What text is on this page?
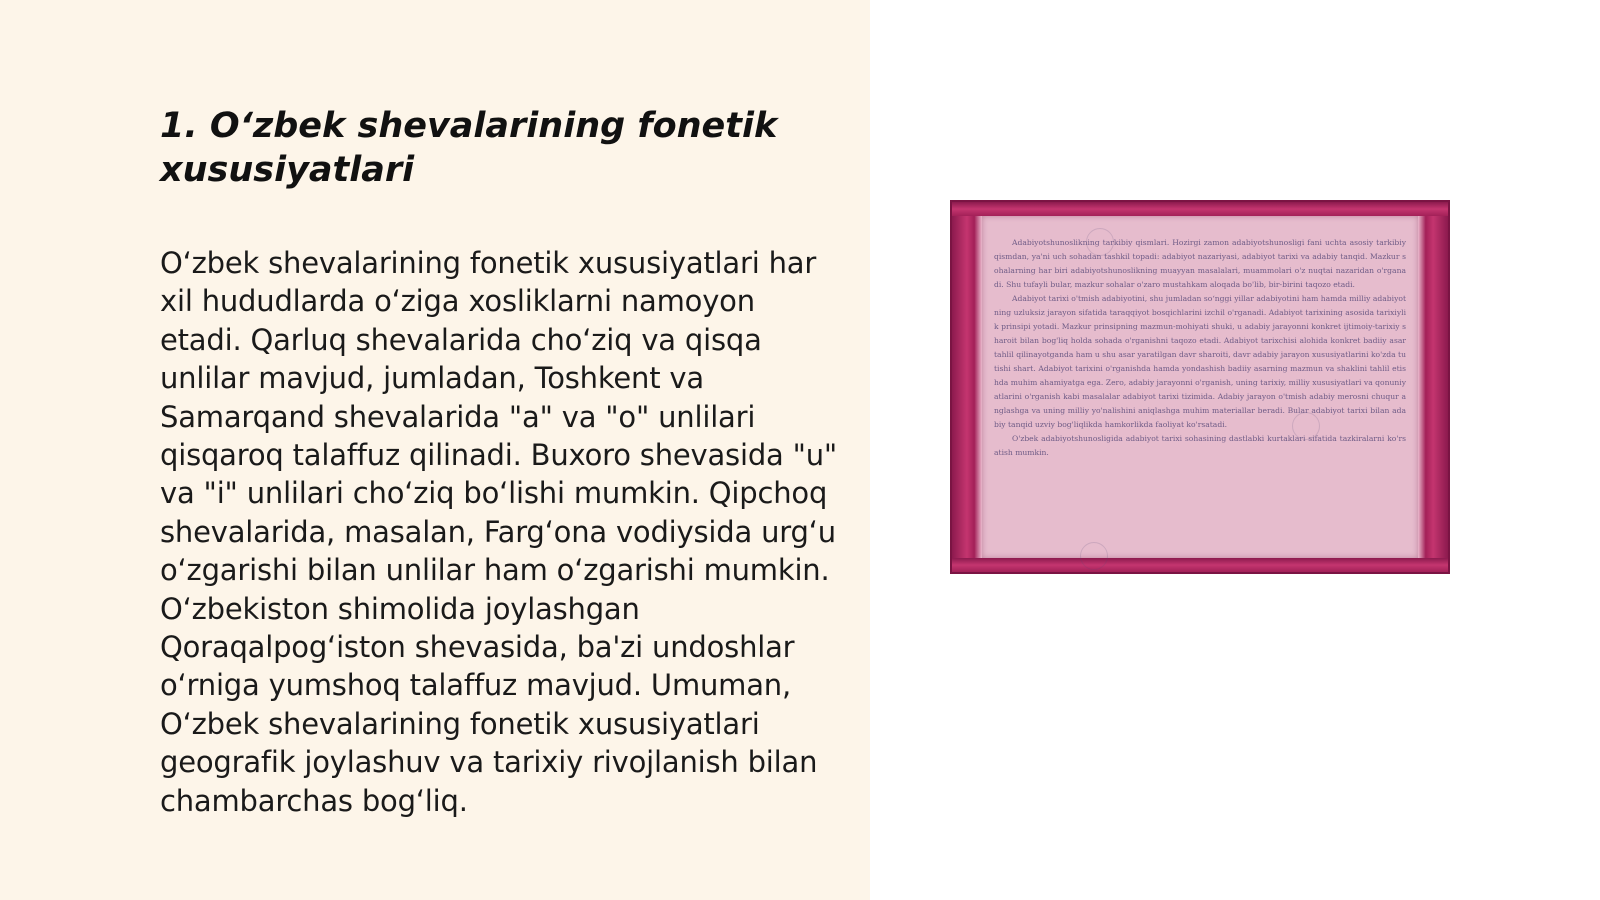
1. O‘zbek shevalarining fonetik xususiyatlari

O‘zbek shevalarining fonetik xususiyatlari har xil hududlarda o‘ziga xosliklarni namoyon etadi. Qarluq shevalarida cho‘ziq va qisqa unlilar mavjud, jumladan, Toshkent va Samarqand shevalarida "a" va "o" unlilari qisqaroq talaffuz qilinadi. Buxoro shevasida "u" va "i" unlilari cho‘ziq bo‘lishi mumkin. Qipchoq shevalarida, masalan, Farg‘ona vodiysida urg‘u o‘zgarishi bilan unlilar ham o‘zgarishi mumkin. O‘zbekiston shimolida joylashgan Qoraqalpog‘iston shevasida, ba'zi undoshlar o‘rniga yumshoq talaffuz mavjud. Umuman, O‘zbek shevalarining fonetik xususiyatlari geografik joylashuv va tarixiy rivojlanish bilan chambarchas bog‘liq.

Adabiyotshunoslikning tarkibiy qismlari. Hozirgi zamon adabiyotshunosligi fani uchta asosiy tarkibiy qismdan, ya'ni uch sohadan tashkil topadi: adabiyot nazariyasi, adabiyot tarixi va adabiy tanqid. Mazkur sohalarning har biri adabiyotshunoslikning muayyan masalalari, muammolari o'z nuqtai nazaridan o'rganadi. Shu tufayli bular, mazkur sohalar o'zaro mustahkam aloqada bo'lib, bir-birini taqozo etadi.

Adabiyot tarixi o'tmish adabiyotini, shu jumladan soʻnggi yillar adabiyotini ham hamda milliy adabiyotning uzluksiz jarayon sifatida taraqqiyot bosqichlarini izchil o'rganadi. Adabiyot tarixining asosida tarixiylik prinsipi yotadi. Mazkur prinsipning mazmun-mohiyati shuki, u adabiy jarayonni konkret ijtimoiy-tarixiy sharoit bilan bog'liq holda sohada o'rganishni taqozo etadi. Adabiyot tarixchisi alohida konkret badiiy asar tahlil qilinayotganda ham u shu asar yaratilgan davr sharoiti, davr adabiy jarayon xususiyatlarini ko'zda tutishi shart. Adabiyot tarixini o'rganishda hamda yondashish badiiy asarning mazmun va shaklini tahlil etishda muhim ahamiyatga ega. Zero, adabiy jarayonni o'rganish, uning tarixiy, milliy xususiyatlari va qonuniyatlarini o'rganish kabi masalalar adabiyot tarixi tizimida. Adabiy jarayon o'tmish adabiy merosni chuqur anglashga va uning milliy yo'nalishini aniqlashga muhim materiallar beradi. Bular adabiyot tarixi bilan adabiy tanqid uzviy bog'liqlikda hamkorlikda faoliyat ko'rsatadi.

O'zbek adabiyotshunosligida adabiyot tarixi sohasining dastlabki kurtaklari sifatida tazkiralarni ko'rsatish mumkin.
